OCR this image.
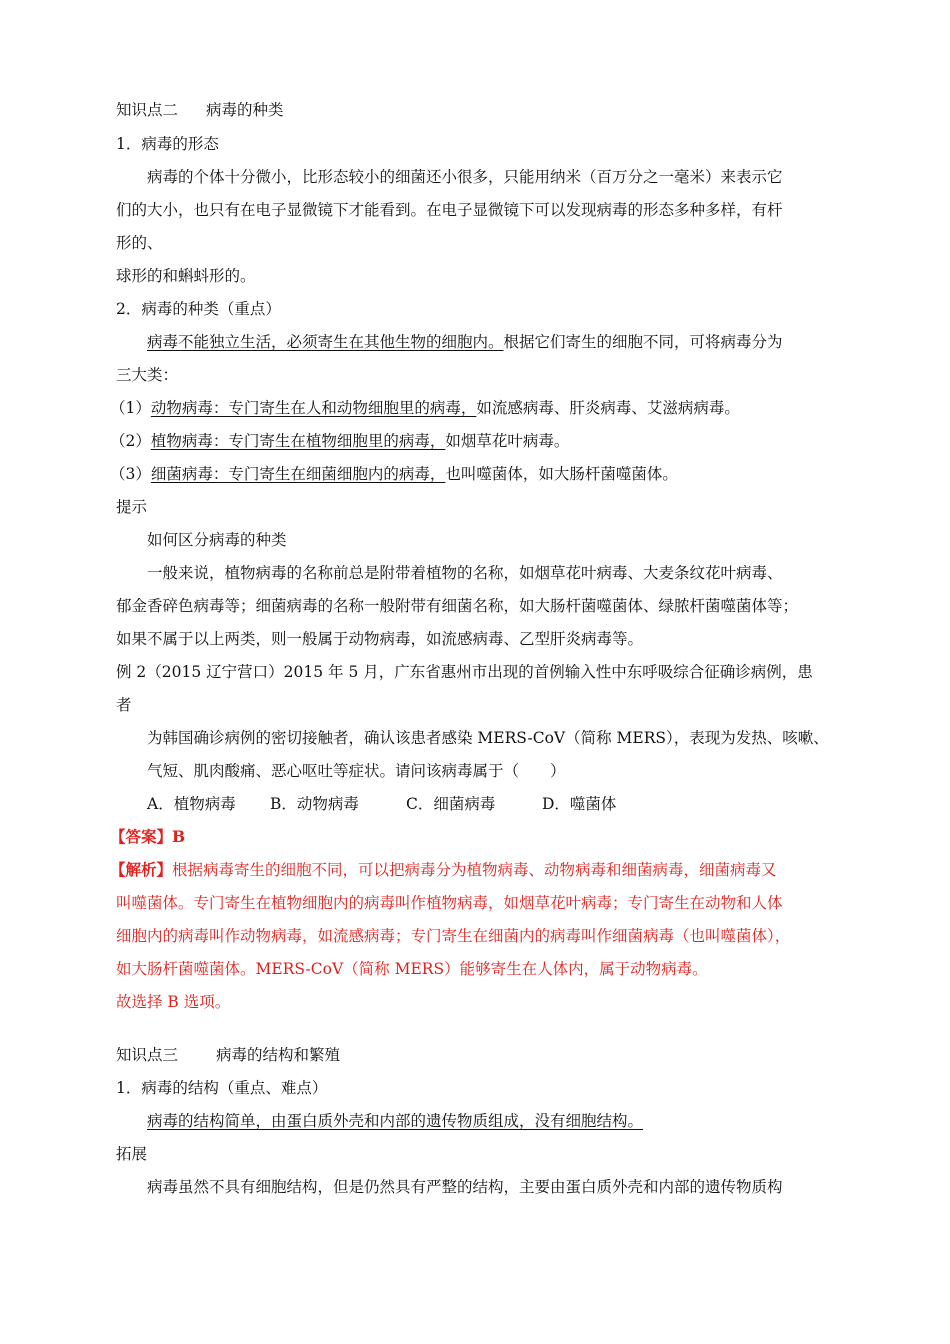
知识点二 病毒的种类
1．病毒的形态
病毒的个体十分微小，比形态较小的细菌还小很多，只能用纳米（百万分之一毫米）来表示它
们的大小，也只有在电子显微镜下才能看到。在电子显微镜下可以发现病毒的形态多种多样，有杆
形的、
球形的和蝌蚪形的。
2．病毒的种类（重点）
病毒不能独立生活，必须寄生在其他生物的细胞内。根据它们寄生的细胞不同，可将病毒分为
三大类：
（1）动物病毒：专门寄生在人和动物细胞里的病毒，如流感病毒、肝炎病毒、艾滋病病毒。
（2）植物病毒：专门寄生在植物细胞里的病毒，如烟草花叶病毒。
（3）细菌病毒：专门寄生在细菌细胞内的病毒，也叫噬菌体，如大肠杆菌噬菌体。
提示
如何区分病毒的种类
一般来说，植物病毒的名称前总是附带着植物的名称，如烟草花叶病毒、大麦条纹花叶病毒、
郁金香碎色病毒等；细菌病毒的名称一般附带有细菌名称，如大肠杆菌噬菌体、绿脓杆菌噬菌体等；
如果不属于以上两类，则一般属于动物病毒，如流感病毒、乙型肝炎病毒等。
例 2（2015 辽宁营口）2015 年 5 月，广东省惠州市出现的首例输入性中东呼吸综合征确诊病例，患
者
为韩国确诊病例的密切接触者，确认该患者感染 MERS-CoV（简称 MERS），表现为发热、咳嗽、
气短、肌肉酸痛、恶心呕吐等症状。请问该病毒属于（　　）
A．植物病毒 B．动物病毒	C．细菌病毒	D．噬菌体
【答案】B
【解析】根据病毒寄生的细胞不同，可以把病毒分为植物病毒、动物病毒和细菌病毒，细菌病毒又
叫噬菌体。专门寄生在植物细胞内的病毒叫作植物病毒，如烟草花叶病毒；专门寄生在动物和人体
细胞内的病毒叫作动物病毒，如流感病毒；专门寄生在细菌内的病毒叫作细菌病毒（也叫噬菌体），
如大肠杆菌噬菌体。MERS-CoV（简称 MERS）能够寄生在人体内，属于动物病毒。
故选择 B 选项。
知识点三 病毒的结构和繁殖
1．病毒的结构（重点、难点）
病毒的结构简单，由蛋白质外壳和内部的遗传物质组成，没有细胞结构。
拓展
病毒虽然不具有细胞结构，但是仍然具有严整的结构，主要由蛋白质外壳和内部的遗传物质构
